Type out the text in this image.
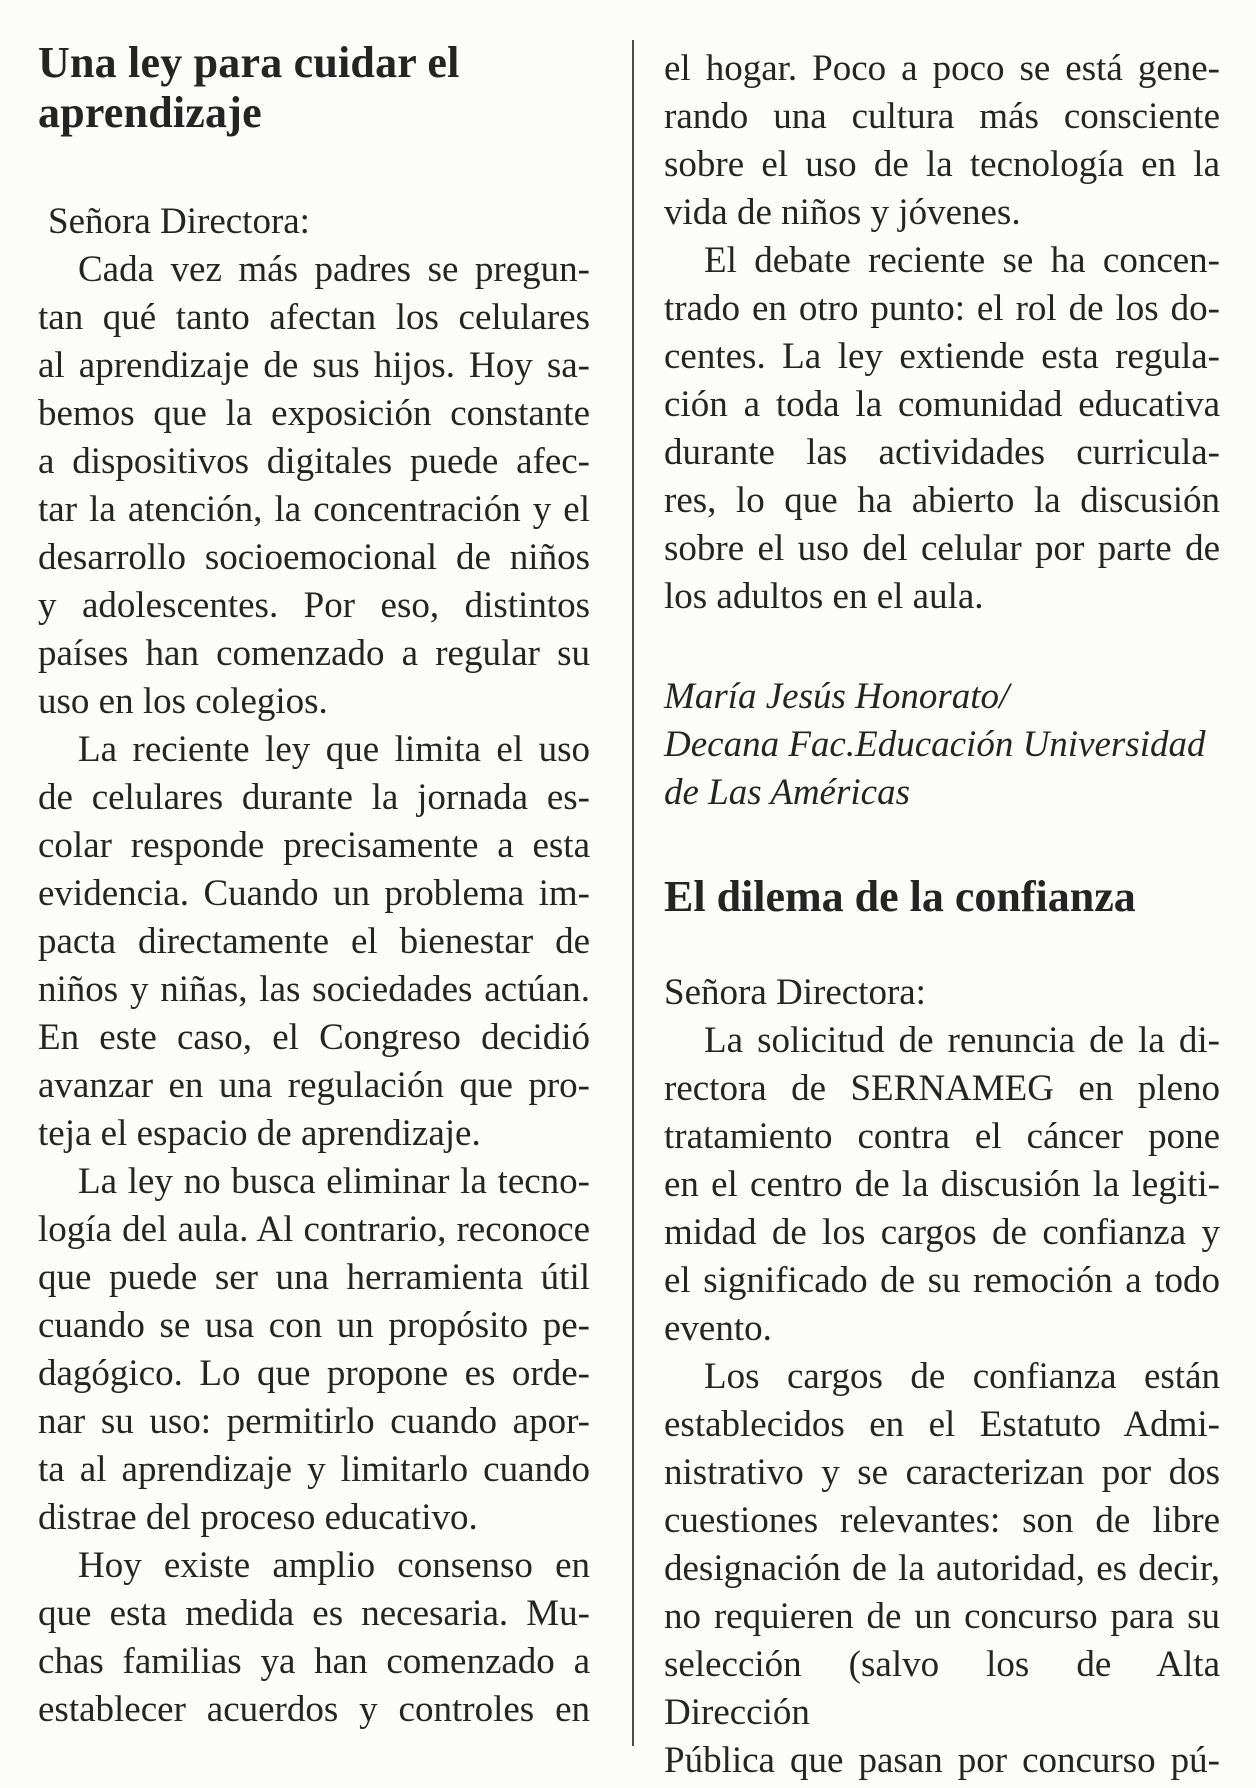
Una ley para cuidar el
aprendizaje
Señora Directora:
Cada vez más padres se pregun-
tan qué tanto afectan los celulares
al aprendizaje de sus hijos. Hoy sa-
bemos que la exposición constante
a dispositivos digitales puede afec-
tar la atención, la concentración y el
desarrollo socioemocional de niños
y adolescentes. Por eso, distintos
países han comenzado a regular su
uso en los colegios.
La reciente ley que limita el uso
de celulares durante la jornada es-
colar responde precisamente a esta
evidencia. Cuando un problema im-
pacta directamente el bienestar de
niños y niñas, las sociedades actúan.
En este caso, el Congreso decidió
avanzar en una regulación que pro-
teja el espacio de aprendizaje.
La ley no busca eliminar la tecno-
logía del aula. Al contrario, reconoce
que puede ser una herramienta útil
cuando se usa con un propósito pe-
dagógico. Lo que propone es orde-
nar su uso: permitirlo cuando apor-
ta al aprendizaje y limitarlo cuando
distrae del proceso educativo.
Hoy existe amplio consenso en
que esta medida es necesaria. Mu-
chas familias ya han comenzado a
establecer acuerdos y controles en
el hogar. Poco a poco se está gene-
rando una cultura más consciente
sobre el uso de la tecnología en la
vida de niños y jóvenes.
El debate reciente se ha concen-
trado en otro punto: el rol de los do-
centes. La ley extiende esta regula-
ción a toda la comunidad educativa
durante las actividades curricula-
res, lo que ha abierto la discusión
sobre el uso del celular por parte de
los adultos en el aula.
María Jesús Honorato/
Decana Fac.Educación Universidad
de Las Américas
El dilema de la confianza
Señora Directora:
La solicitud de renuncia de la di-
rectora de SERNAMEG en pleno
tratamiento contra el cáncer pone
en el centro de la discusión la legiti-
midad de los cargos de confianza y
el significado de su remoción a todo
evento.
Los cargos de confianza están
establecidos en el Estatuto Admi-
nistrativo y se caracterizan por dos
cuestiones relevantes: son de libre
designación de la autoridad, es decir,
no requieren de un concurso para su
selección (salvo los de Alta Dirección
Pública que pasan por concurso pú-
